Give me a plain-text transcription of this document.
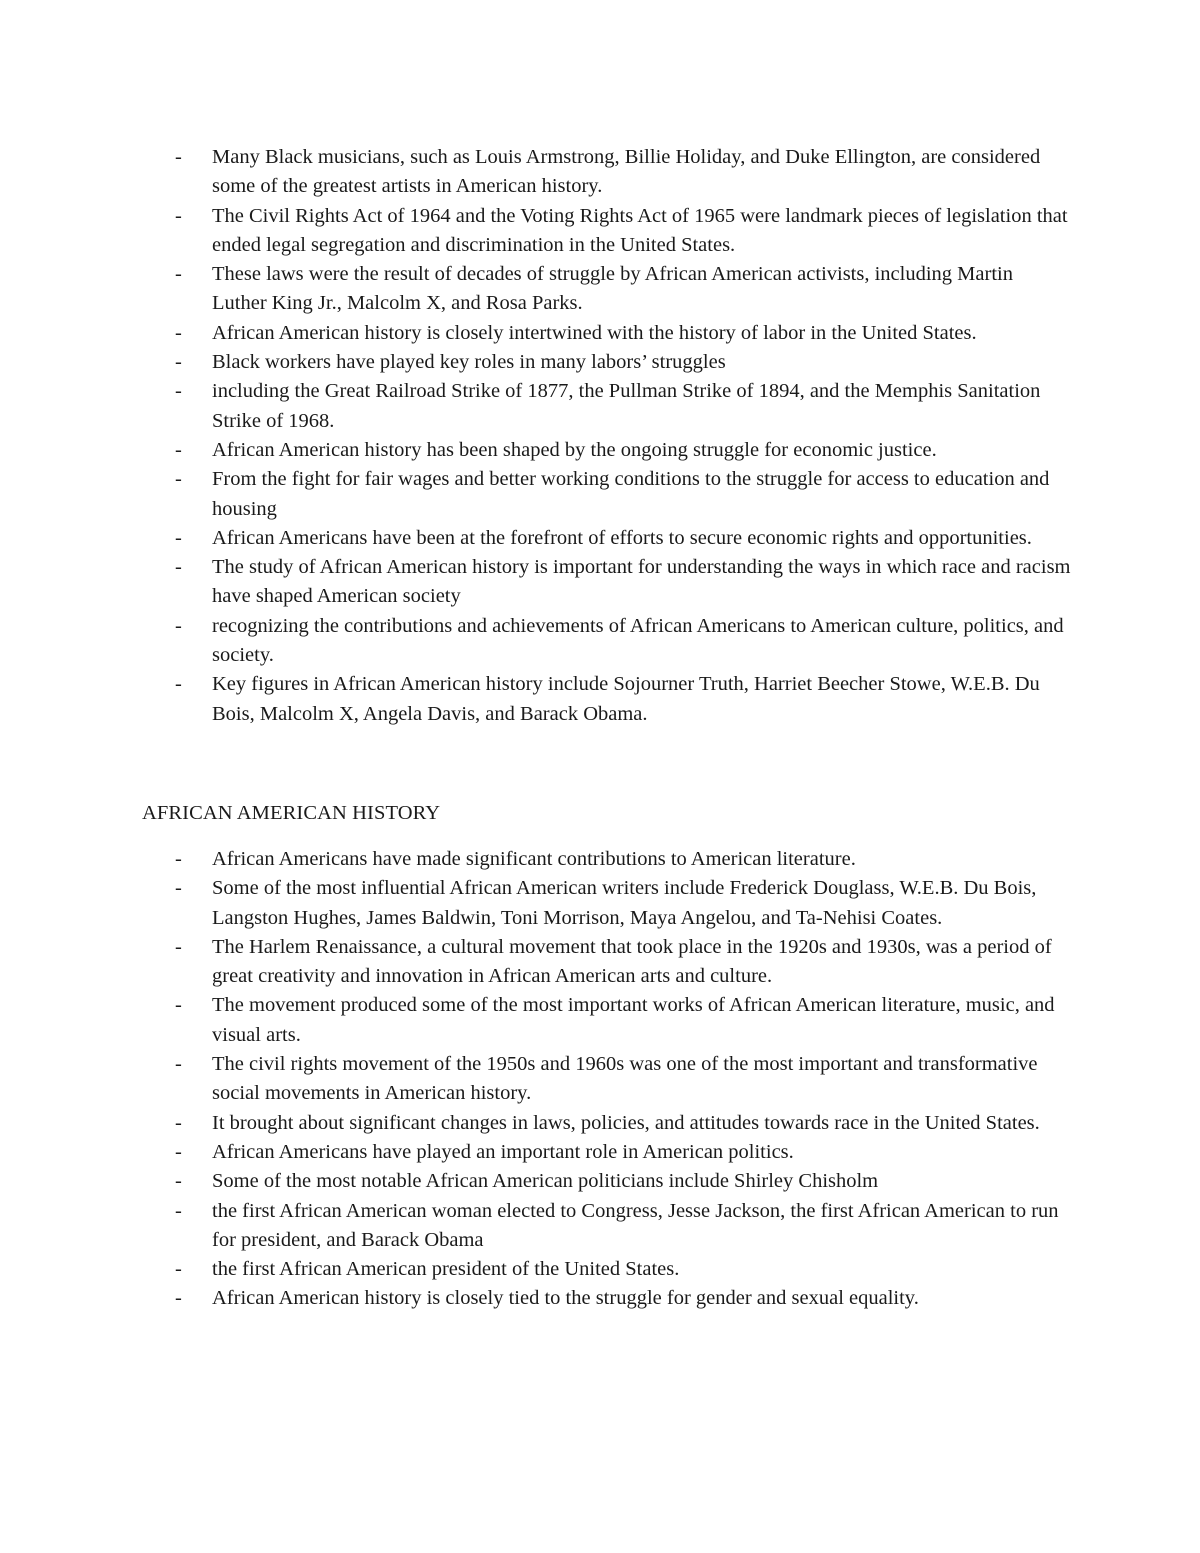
- Many Black musicians, such as Louis Armstrong, Billie Holiday, and Duke Ellington, are considered some of the greatest artists in American history.
- The Civil Rights Act of 1964 and the Voting Rights Act of 1965 were landmark pieces of legislation that ended legal segregation and discrimination in the United States.
- These laws were the result of decades of struggle by African American activists, including Martin Luther King Jr., Malcolm X, and Rosa Parks.
- African American history is closely intertwined with the history of labor in the United States.
- Black workers have played key roles in many labors’ struggles
- including the Great Railroad Strike of 1877, the Pullman Strike of 1894, and the Memphis Sanitation Strike of 1968.
- African American history has been shaped by the ongoing struggle for economic justice.
- From the fight for fair wages and better working conditions to the struggle for access to education and housing
- African Americans have been at the forefront of efforts to secure economic rights and opportunities.
- The study of African American history is important for understanding the ways in which race and racism have shaped American society
- recognizing the contributions and achievements of African Americans to American culture, politics, and society.
- Key figures in African American history include Sojourner Truth, Harriet Beecher Stowe, W.E.B. Du Bois, Malcolm X, Angela Davis, and Barack Obama.
AFRICAN AMERICAN HISTORY
- African Americans have made significant contributions to American literature.
- Some of the most influential African American writers include Frederick Douglass, W.E.B. Du Bois, Langston Hughes, James Baldwin, Toni Morrison, Maya Angelou, and Ta-Nehisi Coates.
- The Harlem Renaissance, a cultural movement that took place in the 1920s and 1930s, was a period of great creativity and innovation in African American arts and culture.
- The movement produced some of the most important works of African American literature, music, and visual arts.
- The civil rights movement of the 1950s and 1960s was one of the most important and transformative social movements in American history.
- It brought about significant changes in laws, policies, and attitudes towards race in the United States.
- African Americans have played an important role in American politics.
- Some of the most notable African American politicians include Shirley Chisholm
- the first African American woman elected to Congress, Jesse Jackson, the first African American to run for president, and Barack Obama
- the first African American president of the United States.
- African American history is closely tied to the struggle for gender and sexual equality.
